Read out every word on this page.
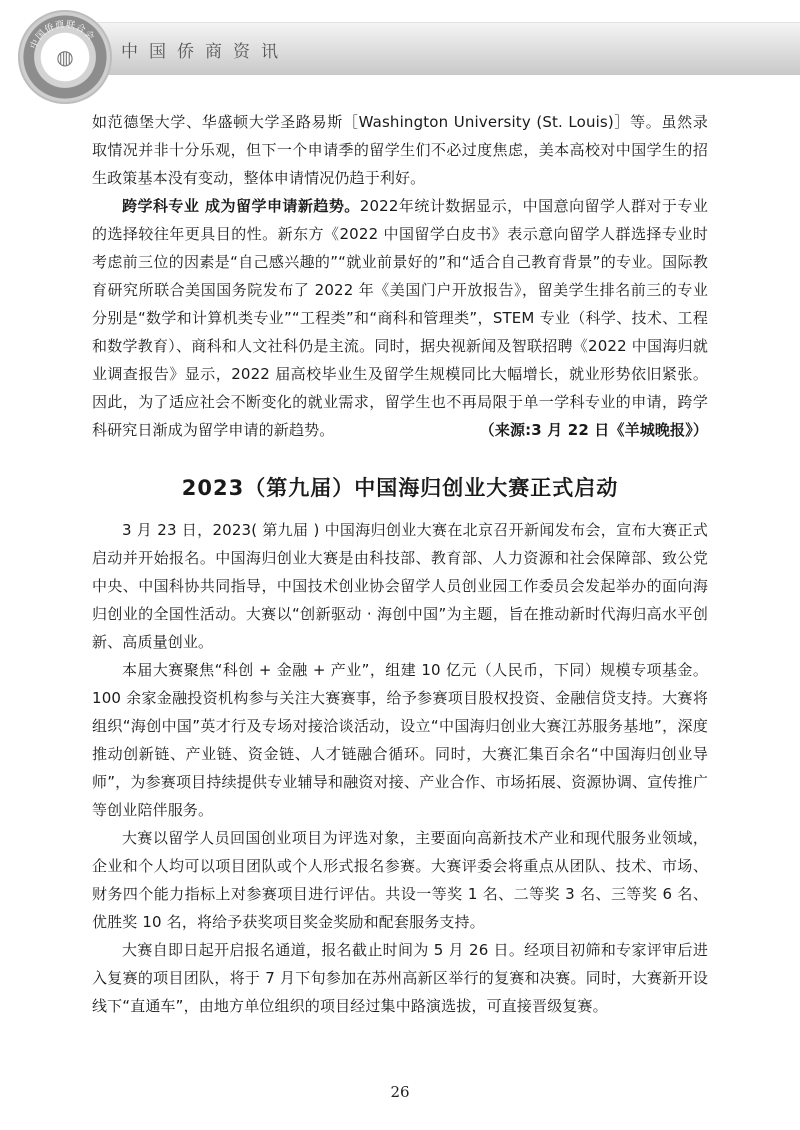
中国侨商联合会
◍	中国侨商资讯

如范德堡大学、华盛顿大学圣路易斯［Washington University (St. Louis)］等。虽然录取情况并非十分乐观，但下一个申请季的留学生们不必过度焦虑，美本高校对中国学生的招生政策基本没有变动，整体申请情况仍趋于利好。

跨学科专业 成为留学申请新趋势。2022年统计数据显示，中国意向留学人群对于专业的选择较往年更具目的性。新东方《2022 中国留学白皮书》表示意向留学人群选择专业时考虑前三位的因素是“自己感兴趣的”“就业前景好的”和“适合自己教育背景”的专业。国际教育研究所联合美国国务院发布了 2022 年《美国门户开放报告》，留美学生排名前三的专业分别是“数学和计算机类专业”“工程类”和“商科和管理类”，STEM 专业（科学、技术、工程和数学教育）、商科和人文社科仍是主流。同时，据央视新闻及智联招聘《2022 中国海归就业调查报告》显示，2022 届高校毕业生及留学生规模同比大幅增长，就业形势依旧紧张。因此，为了适应社会不断变化的就业需求，留学生也不再局限于单一学科专业的申请，跨学科研究日渐成为留学申请的新趋势。	（来源:3 月 22 日《羊城晚报》）

2023（第九届）中国海归创业大赛正式启动

3 月 23 日，2023( 第九届 ) 中国海归创业大赛在北京召开新闻发布会，宣布大赛正式启动并开始报名。中国海归创业大赛是由科技部、教育部、人力资源和社会保障部、致公党中央、中国科协共同指导，中国技术创业协会留学人员创业园工作委员会发起举办的面向海归创业的全国性活动。大赛以“创新驱动 · 海创中国”为主题，旨在推动新时代海归高水平创新、高质量创业。

本届大赛聚焦“科创 + 金融 + 产业”，组建 10 亿元（人民币，下同）规模专项基金。100 余家金融投资机构参与关注大赛赛事，给予参赛项目股权投资、金融信贷支持。大赛将组织“海创中国”英才行及专场对接洽谈活动，设立“中国海归创业大赛江苏服务基地”，深度推动创新链、产业链、资金链、人才链融合循环。同时，大赛汇集百余名“中国海归创业导师”，为参赛项目持续提供专业辅导和融资对接、产业合作、市场拓展、资源协调、宣传推广等创业陪伴服务。

大赛以留学人员回国创业项目为评选对象，主要面向高新技术产业和现代服务业领域，企业和个人均可以项目团队或个人形式报名参赛。大赛评委会将重点从团队、技术、市场、财务四个能力指标上对参赛项目进行评估。共设一等奖 1 名、二等奖 3 名、三等奖 6 名、优胜奖 10 名，将给予获奖项目奖金奖励和配套服务支持。

大赛自即日起开启报名通道，报名截止时间为 5 月 26 日。经项目初筛和专家评审后进入复赛的项目团队，将于 7 月下旬参加在苏州高新区举行的复赛和决赛。同时，大赛新开设线下“直通车”，由地方单位组织的项目经过集中路演选拔，可直接晋级复赛。

26
